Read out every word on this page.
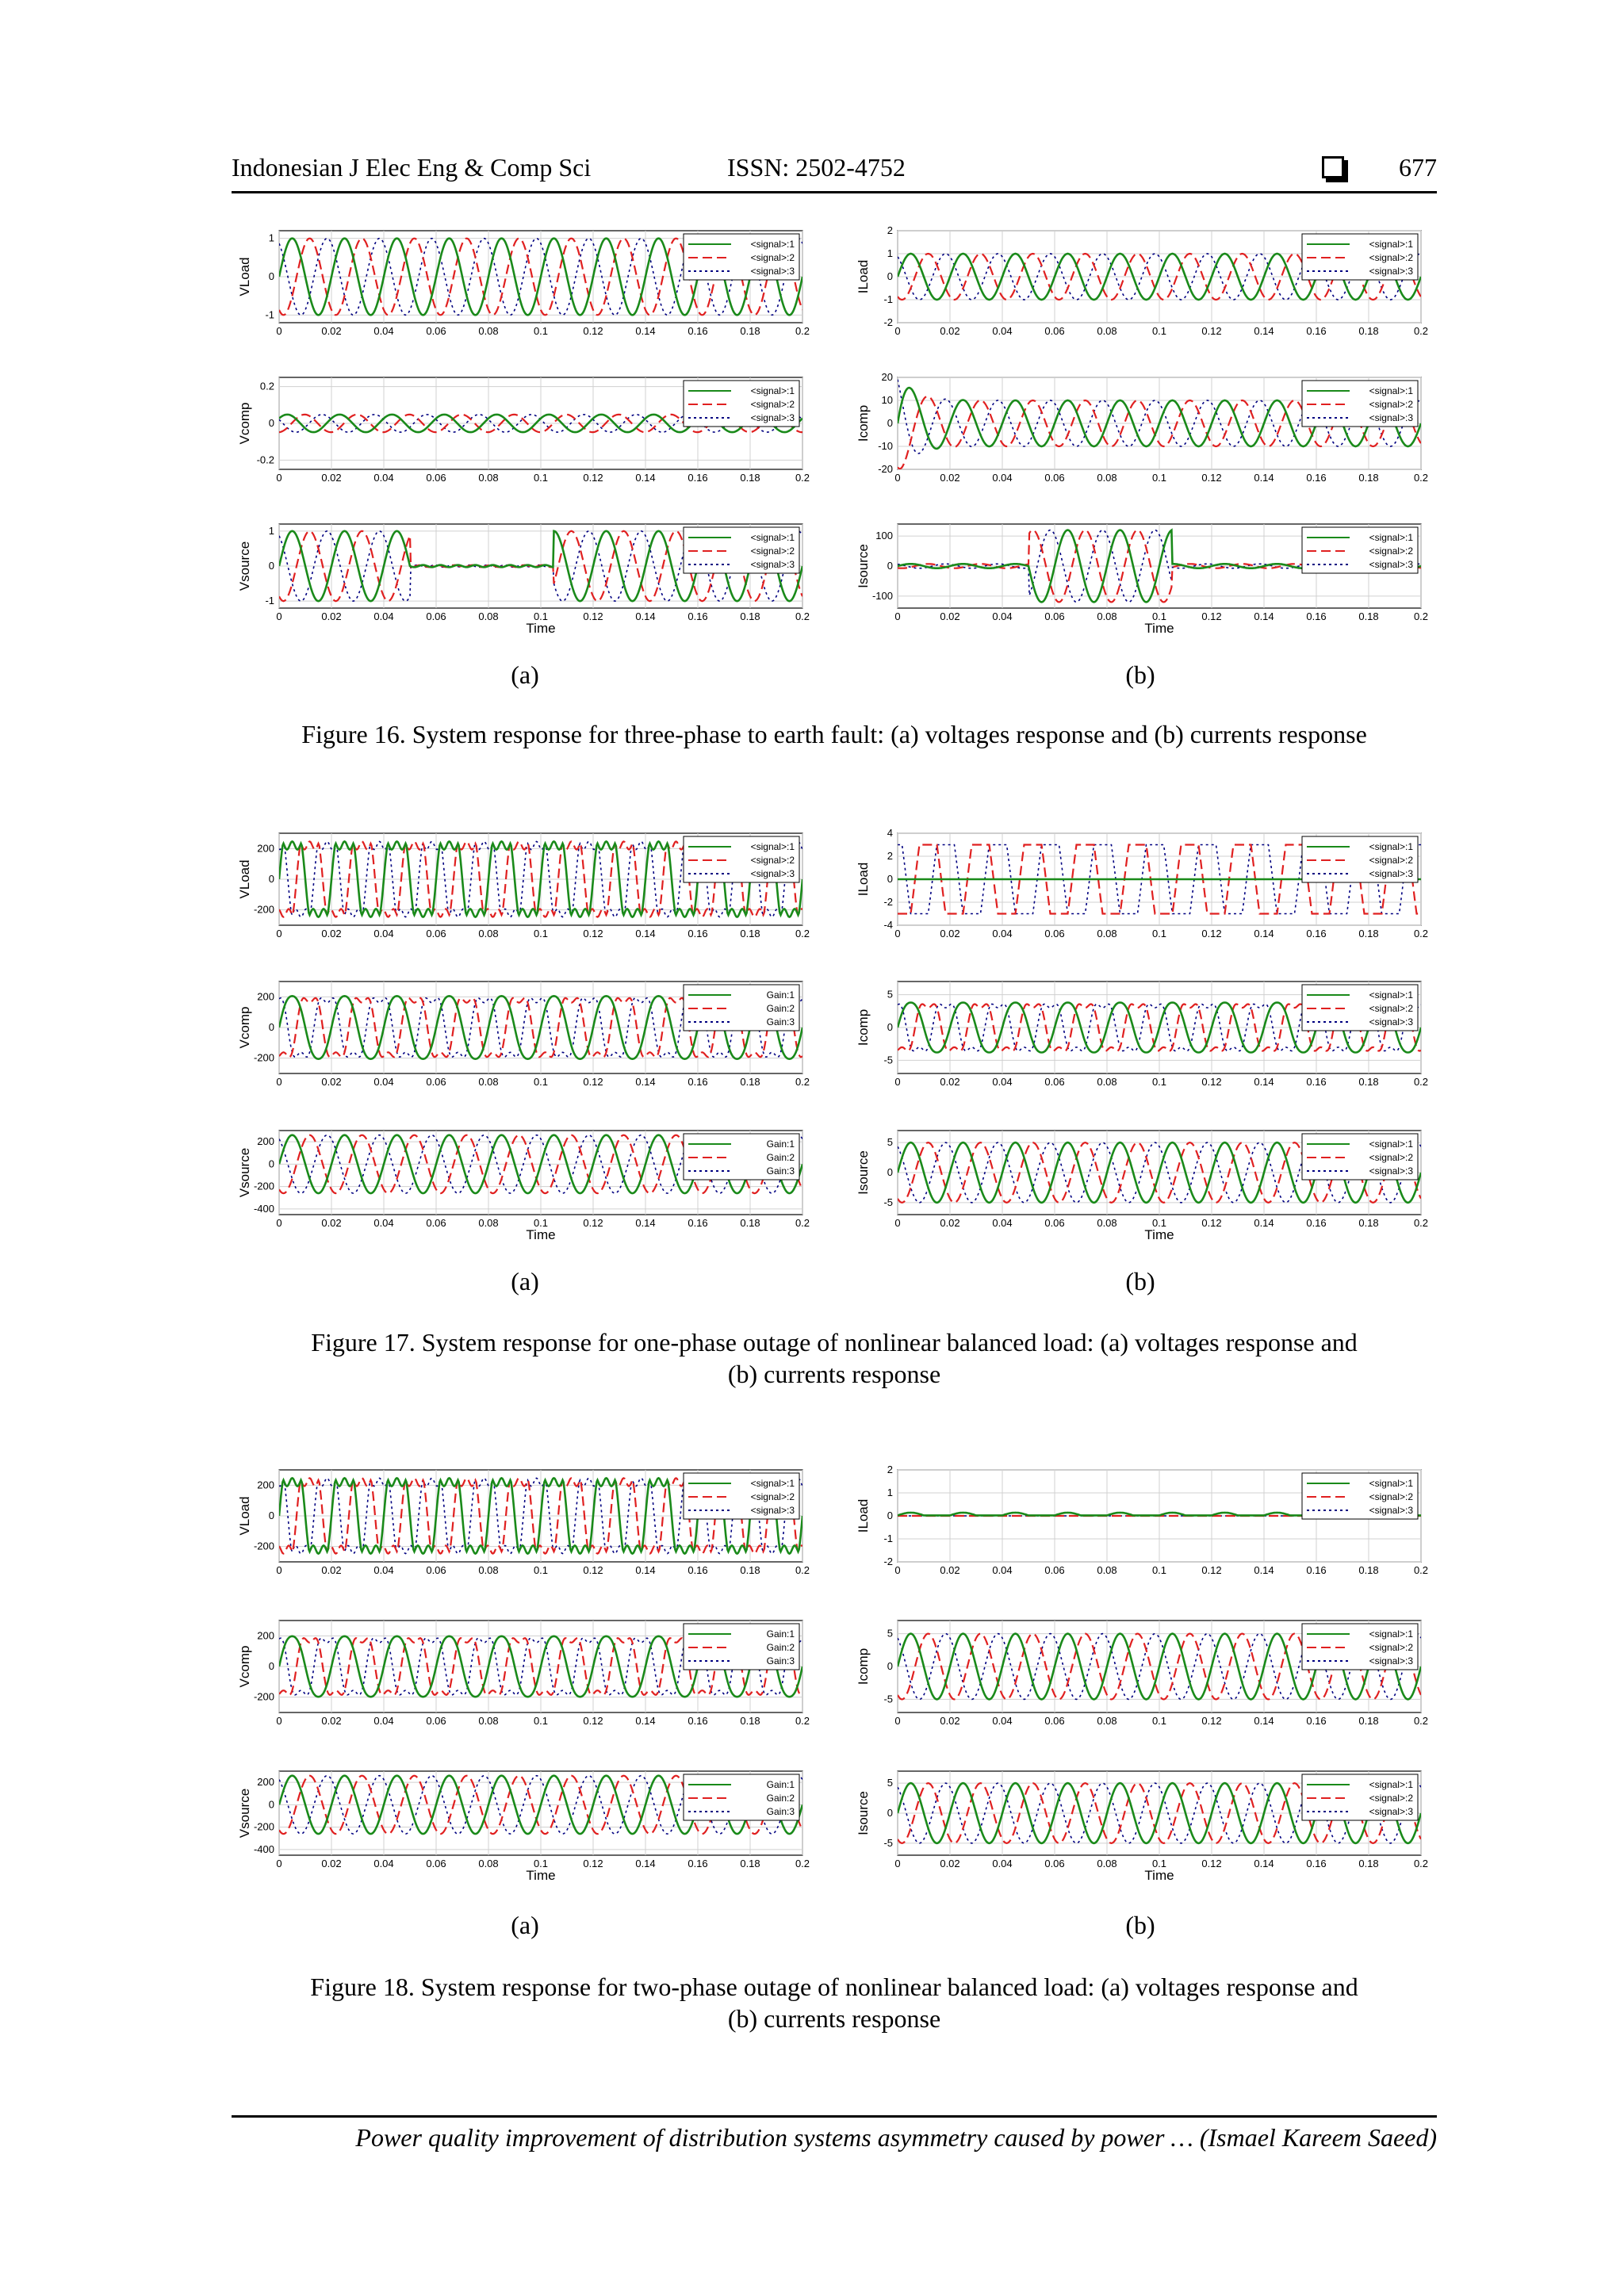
Indonesian J Elec Eng & Comp Sci	ISSN: 2502-4752	677
0	0.02	0.04	0.06	0.08	0.1	0.12	0.14	0.16	0.18	0.2
-1
0
1
VLoad
<signal>:1
<signal>:2
<signal>:3
0	0.02	0.04	0.06	0.08	0.1	0.12	0.14	0.16	0.18	0.2
-0.2
0
0.2
Vcomp
<signal>:1
<signal>:2
<signal>:3
0	0.02	0.04	0.06	0.08	0.1	0.12	0.14	0.16	0.18	0.2
-1
0
1
Vsource
Time
<signal>:1
<signal>:2
<signal>:3
0	0.02	0.04	0.06	0.08	0.1	0.12	0.14	0.16	0.18	0.2
-2
-1
0
1
2
ILoad
<signal>:1
<signal>:2
<signal>:3
0	0.02	0.04	0.06	0.08	0.1	0.12	0.14	0.16	0.18	0.2
-20
-10
0
10
20
Icomp
<signal>:1
<signal>:2
<signal>:3
0	0.02	0.04	0.06	0.08	0.1	0.12	0.14	0.16	0.18	0.2
-100
0
100
Isource
Time
<signal>:1
<signal>:2
<signal>:3
(a)	(b)
Figure 16. System response for three-phase to earth fault: (a) voltages response and (b) currents response
0	0.02	0.04	0.06	0.08	0.1	0.12	0.14	0.16	0.18	0.2
-200
0
200
VLoad
<signal>:1
<signal>:2
<signal>:3
0	0.02	0.04	0.06	0.08	0.1	0.12	0.14	0.16	0.18	0.2
-200
0
200
Vcomp
Gain:1
Gain:2
Gain:3
0	0.02	0.04	0.06	0.08	0.1	0.12	0.14	0.16	0.18	0.2
-400
-200
0
200
Vsource
Time
Gain:1
Gain:2
Gain:3
0	0.02	0.04	0.06	0.08	0.1	0.12	0.14	0.16	0.18	0.2
-4
-2
0
2
4
ILoad
<signal>:1
<signal>:2
<signal>:3
0	0.02	0.04	0.06	0.08	0.1	0.12	0.14	0.16	0.18	0.2
-5
0
5
Icomp
<signal>:1
<signal>:2
<signal>:3
0	0.02	0.04	0.06	0.08	0.1	0.12	0.14	0.16	0.18	0.2
-5
0
5
Isource
Time
<signal>:1
<signal>:2
<signal>:3
(a)	(b)
Figure 17. System response for one-phase outage of nonlinear balanced load: (a) voltages response and
(b) currents response
0	0.02	0.04	0.06	0.08	0.1	0.12	0.14	0.16	0.18	0.2
-200
0
200
VLoad
<signal>:1
<signal>:2
<signal>:3
0	0.02	0.04	0.06	0.08	0.1	0.12	0.14	0.16	0.18	0.2
-200
0
200
Vcomp
Gain:1
Gain:2
Gain:3
0	0.02	0.04	0.06	0.08	0.1	0.12	0.14	0.16	0.18	0.2
-400
-200
0
200
Vsource
Time
Gain:1
Gain:2
Gain:3
0	0.02	0.04	0.06	0.08	0.1	0.12	0.14	0.16	0.18	0.2
-2
-1
0
1
2
ILoad
<signal>:1
<signal>:2
<signal>:3
0	0.02	0.04	0.06	0.08	0.1	0.12	0.14	0.16	0.18	0.2
-5
0
5
Icomp
<signal>:1
<signal>:2
<signal>:3
0	0.02	0.04	0.06	0.08	0.1	0.12	0.14	0.16	0.18	0.2
-5
0
5
Isource
Time
<signal>:1
<signal>:2
<signal>:3
(a)	(b)
Figure 18. System response for two-phase outage of nonlinear balanced load: (a) voltages response and
(b) currents response
Power quality improvement of distribution systems asymmetry caused by power … (Ismael Kareem Saeed)
